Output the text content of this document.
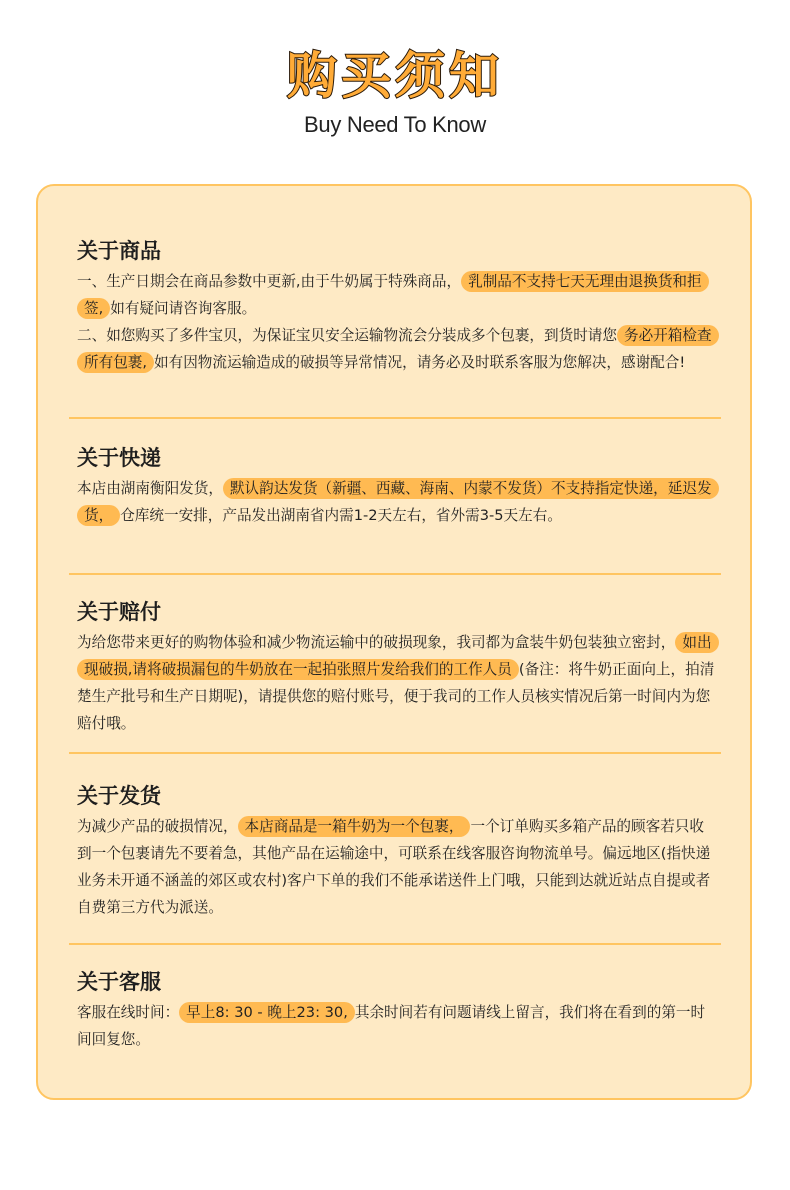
购买须知
Buy Need To Know
关于商品
一、生产日期会在商品参数中更新,由于牛奶属于特殊商品， 乳制品不支持七天无理由退换货和拒签, 如有疑问请咨询客服。
二、如您购买了多件宝贝，为保证宝贝安全运输物流会分装成多个包裹，到货时请您 务必开箱检查所有包裹, 如有因物流运输造成的破损等异常情况，请务必及时联系客服为您解决，感谢配合!
关于快递
本店由湖南衡阳发货， 默认韵达发货（新疆、西藏、海南、内蒙不发货）不支持指定快递，延迟发货， 仓库统一安排，产品发出湖南省内需1-2天左右，省外需3-5天左右。
关于赔付
为给您带来更好的购物体验和减少物流运输中的破损现象，我司都为盒装牛奶包装独立密封， 如出现破损,请将破损漏包的牛奶放在一起拍张照片发给我们的工作人员 (备注：将牛奶正面向上，拍清楚生产批号和生产日期呢)，请提供您的赔付账号，便于我司的工作人员核实情况后第一时间内为您赔付哦。
关于发货
为减少产品的破损情况， 本店商品是一箱牛奶为一个包裹， 一个订单购买多箱产品的顾客若只收到一个包裹请先不要着急，其他产品在运输途中，可联系在线客服咨询物流单号。偏远地区(指快递业务未开通不涵盖的郊区或农村)客户下单的我们不能承诺送件上门哦，只能到达就近站点自提或者自费第三方代为派送。
关于客服
客服在线时间： 早上8: 30 - 晚上23: 30, 其余时间若有问题请线上留言，我们将在看到的第一时间回复您。
